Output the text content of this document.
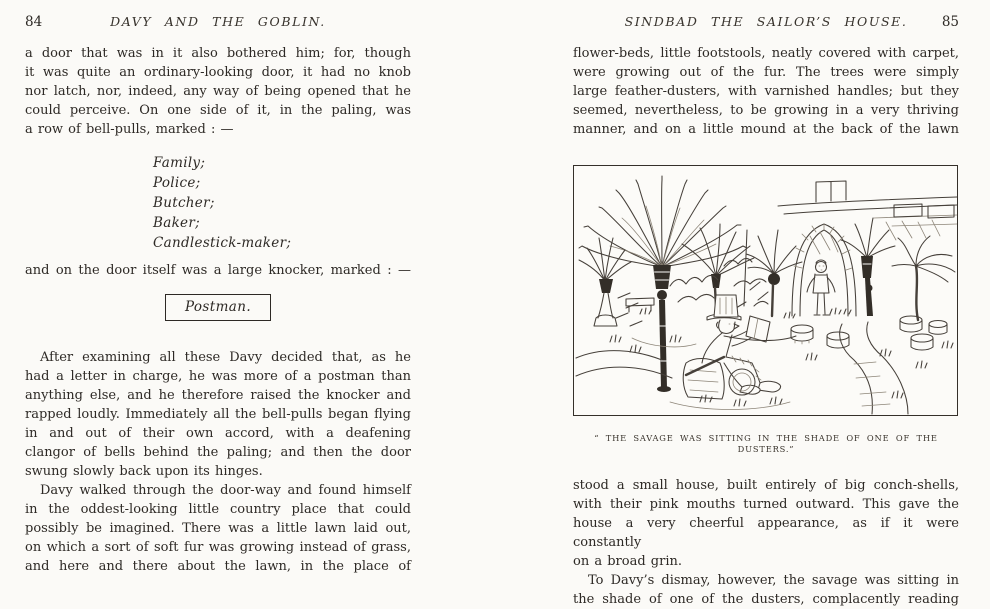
84	DAVY AND THE GOBLIN.
a door that was in it also bothered him; for, though
it was quite an ordinary-looking door, it had no knob
nor latch, nor, indeed, any way of being opened that he
could perceive. On one side of it, in the paling, was
a row of bell-pulls, marked : —
Family;
Police;
Butcher;
Baker;
Candlestick-maker;
and on the door itself was a large knocker, marked : —
Postman.
After examining all these Davy decided that, as he
had a letter in charge, he was more of a postman than
anything else, and he therefore raised the knocker and
rapped loudly. Immediately all the bell-pulls began flying
in and out of their own accord, with a deafening
clangor of bells behind the paling; and then the door
swung slowly back upon its hinges.
Davy walked through the door-way and found himself
in the oddest-looking little country place that could
possibly be imagined. There was a little lawn laid out,
on which a sort of soft fur was growing instead of grass,
and here and there about the lawn, in the place of
SINDBAD THE SAILOR’S HOUSE.	85
flower-beds, little footstools, neatly covered with carpet,
were growing out of the fur. The trees were simply
large feather-dusters, with varnished handles; but they
seemed, nevertheless, to be growing in a very thriving
manner, and on a little mound at the back of the lawn
“ THE SAVAGE WAS SITTING IN THE SHADE OF ONE OF THE DUSTERS.”
stood a small house, built entirely of big conch-shells,
with their pink mouths turned outward. This gave the
house a very cheerful appearance, as if it were constantly
on a broad grin.
To Davy’s dismay, however, the savage was sitting in
the shade of one of the dusters, complacently reading
